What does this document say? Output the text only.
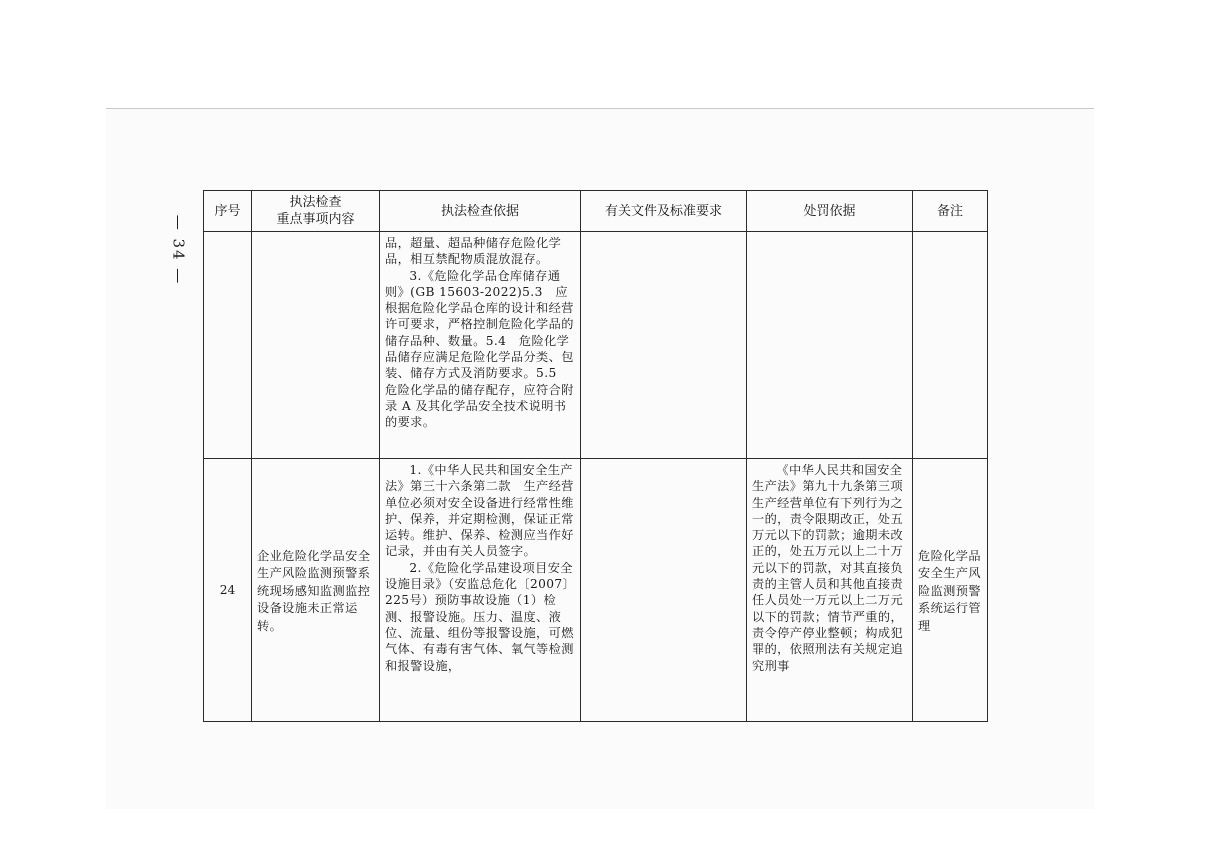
— 34 —
序号	执法检查
重点事项内容	执法检查依据	有关文件及标准要求	处罚依据	备注

		品，超量、超品种储存危险化学品，相互禁配物质混放混存。
3.《危险化学品仓库储存通则》(GB 15603-2022)5.3　应根据危险化学品仓库的设计和经营许可要求，严格控制危险化学品的储存品种、数量。5.4　危险化学品储存应满足危险化学品分类、包装、储存方式及消防要求。5.5　危险化学品的储存配存，应符合附录 A 及其化学品安全技术说明书的要求。			

24	企业危险化学品安全生产风险监测预警系统现场感知监测监控设备设施未正常运转。	1.《中华人民共和国安全生产法》第三十六条第二款　生产经营单位必须对安全设备进行经常性维护、保养，并定期检测，保证正常运转。维护、保养、检测应当作好记录，并由有关人员签字。
2.《危险化学品建设项目安全设施目录》（安监总危化〔2007〕225号）预防事故设施（1）检测、报警设施。压力、温度、液位、流量、组份等报警设施，可燃气体、有毒有害气体、氧气等检测和报警设施，		《中华人民共和国安全生产法》第九十九条第三项　生产经营单位有下列行为之一的，责令限期改正，处五万元以下的罚款；逾期未改正的，处五万元以上二十万元以下的罚款，对其直接负责的主管人员和其他直接责任人员处一万元以上二万元以下的罚款；情节严重的，责令停产停业整顿；构成犯罪的，依照刑法有关规定追究刑事	危险化学品安全生产风险监测预警系统运行管理
